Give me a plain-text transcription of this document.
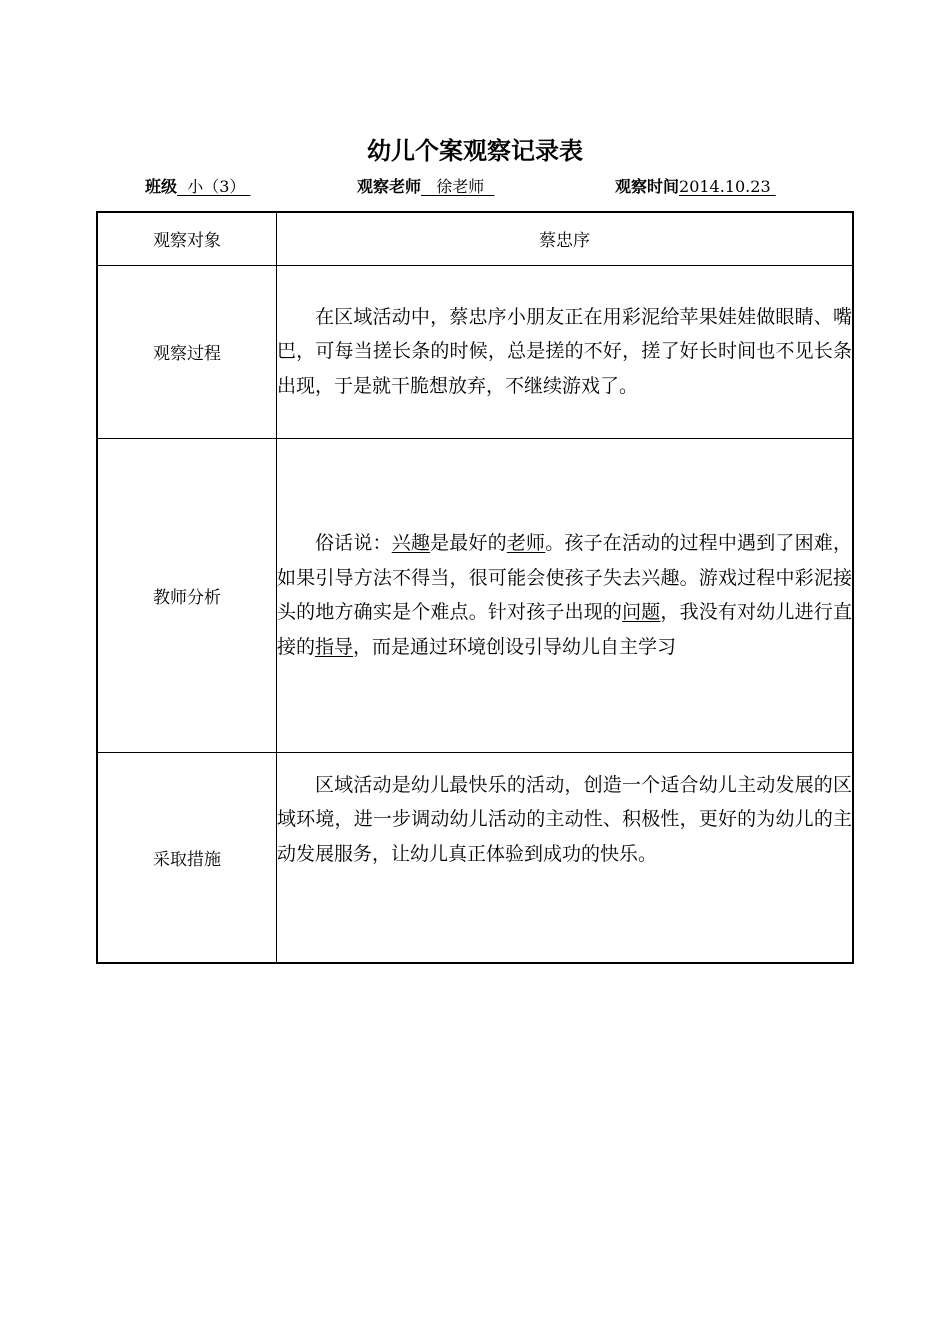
幼儿个案观察记录表
班级  小（3）	观察老师   徐老师	观察时间2014.10.23
观察对象	蔡忠序
观察过程	在区域活动中，蔡忠序小朋友正在用彩泥给苹果娃娃做眼睛、嘴巴，可每当搓长条的时候，总是搓的不好，搓了好长时间也不见长条出现，于是就干脆想放弃，不继续游戏了。

教师分析	俗话说：兴趣是最好的老师。孩子在活动的过程中遇到了困难，如果引导方法不得当，很可能会使孩子失去兴趣。游戏过程中彩泥接头的地方确实是个难点。针对孩子出现的问题，我没有对幼儿进行直接的指导，而是通过环境创设引导幼儿自主学习

采取措施	区域活动是幼儿最快乐的活动，创造一个适合幼儿主动发展的区域环境，进一步调动幼儿活动的主动性、积极性，更好的为幼儿的主动发展服务，让幼儿真正体验到成功的快乐。
